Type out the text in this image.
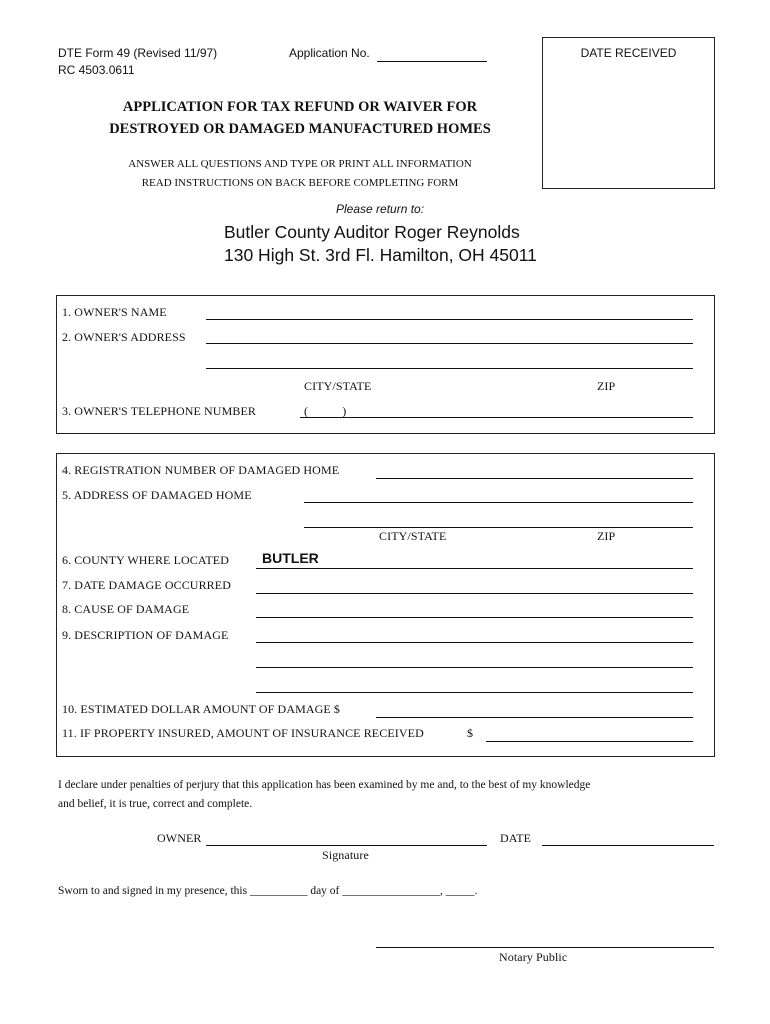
DTE Form 49 (Revised 11/97)
RC 4503.0611
Application No.	DATE RECEIVED
APPLICATION FOR TAX REFUND OR WAIVER FOR
DESTROYED OR DAMAGED MANUFACTURED HOMES
ANSWER ALL QUESTIONS AND TYPE OR PRINT ALL INFORMATION
READ INSTRUCTIONS ON BACK BEFORE COMPLETING FORM
Please return to:
Butler County Auditor Roger Reynolds
130 High St. 3rd Fl. Hamilton, OH 45011
1. OWNER'S NAME
2. OWNER'S ADDRESS
CITY/STATE	ZIP
3. OWNER'S TELEPHONE NUMBER	(           )
4. REGISTRATION NUMBER OF DAMAGED HOME
5. ADDRESS OF DAMAGED HOME
CITY/STATE	ZIP
6. COUNTY WHERE LOCATED BUTLER
7. DATE DAMAGE OCCURRED
8. CAUSE OF DAMAGE
9. DESCRIPTION OF DAMAGE
10. ESTIMATED DOLLAR AMOUNT OF DAMAGE $
11. IF PROPERTY INSURED, AMOUNT OF INSURANCE RECEIVED	$
I declare under penalties of perjury that this application has been examined by me and, to the best of my knowledge
and belief, it is true, correct and complete.
OWNER
Signature
DATE
Sworn to and signed in my presence, this __________ day of _________________, _____.
Notary Public
